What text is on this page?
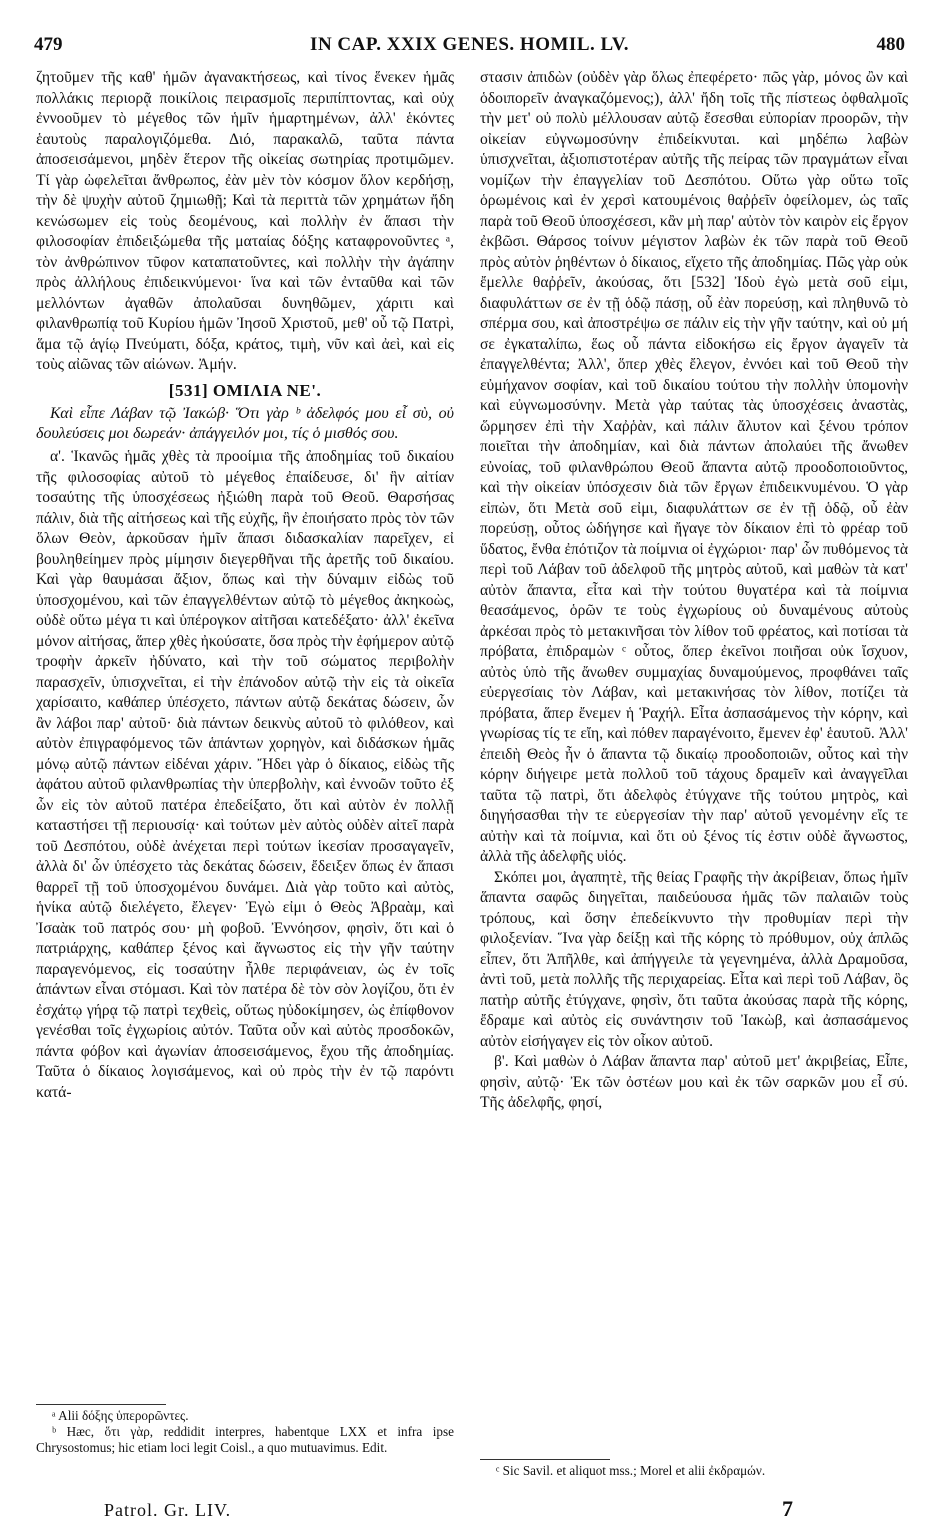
479	IN CAP. XXIX GENES. HOMIL. LV.	480

ζητοῦμεν τῆς καθ' ἡμῶν ἀγανακτήσεως, καὶ τίνος ἕνεκεν ἡμᾶς πολλάκις περιορᾷ ποικίλοις πειρασμοῖς περιπίπτοντας, καὶ οὐχ ἐννοοῦμεν τὸ μέγεθος τῶν ἡμῖν ἡμαρτημένων, ἀλλ' ἑκόντες ἑαυτοὺς παραλογιζόμεθα. Διό, παρακαλῶ, ταῦτα πάντα ἀποσεισάμενοι, μηδὲν ἕτερον τῆς οἰκείας σωτηρίας προτιμῶμεν. Τί γὰρ ὠφελεῖται ἄνθρωπος, ἐὰν μὲν τὸν κόσμον ὅλον κερδήσῃ, τὴν δὲ ψυχὴν αὐτοῦ ζημιωθῇ; Καὶ τὰ περιττὰ τῶν χρημάτων ἤδη κενώσωμεν εἰς τοὺς δεομένους, καὶ πολλὴν ἐν ἅπασι τὴν φιλοσοφίαν ἐπιδειξώμεθα τῆς ματαίας δόξης καταφρονοῦντες ᵃ, τὸν ἀνθρώπινον τῦφον καταπατοῦντες, καὶ πολλὴν τὴν ἀγάπην πρὸς ἀλλήλους ἐπιδεικνύμενοι· ἵνα καὶ τῶν ἐνταῦθα καὶ τῶν μελλόντων ἀγαθῶν ἀπολαῦσαι δυνηθῶμεν, χάριτι καὶ φιλανθρωπίᾳ τοῦ Κυρίου ἡμῶν Ἰησοῦ Χριστοῦ, μεθ' οὗ τῷ Πατρὶ, ἅμα τῷ ἁγίῳ Πνεύματι, δόξα, κράτος, τιμὴ, νῦν καὶ ἀεὶ, καὶ εἰς τοὺς αἰῶνας τῶν αἰώνων. Ἀμήν.

[531] ΟΜΙΛΙΑ ΝΕ'.

Καὶ εἶπε Λάβαν τῷ Ἰακώβ· Ὅτι γὰρ ᵇ ἀδελφός μου εἶ σὺ, οὐ δουλεύσεις μοι δωρεάν· ἀπάγγειλόν μοι, τίς ὁ μισθός σου.

α'. Ἱκανῶς ἡμᾶς χθὲς τὰ προοίμια τῆς ἀποδημίας τοῦ δικαίου τῆς φιλοσοφίας αὐτοῦ τὸ μέγεθος ἐπαίδευσε, δι' ἣν αἰτίαν τοσαύτης τῆς ὑποσχέσεως ἠξιώθη παρὰ τοῦ Θεοῦ. Θαρσήσας πάλιν, διὰ τῆς αἰτήσεως καὶ τῆς εὐχῆς, ἣν ἐποιήσατο πρὸς τὸν τῶν ὅλων Θεὸν, ἀρκοῦσαν ἡμῖν ἅπασι διδασκαλίαν παρεῖχεν, εἰ βουληθείημεν πρὸς μίμησιν διεγερθῆναι τῆς ἀρετῆς τοῦ δικαίου. Καὶ γὰρ θαυμάσαι ἄξιον, ὅπως καὶ τὴν δύναμιν εἰδὼς τοῦ ὑποσχομένου, καὶ τῶν ἐπαγγελθέντων αὐτῷ τὸ μέγεθος ἀκηκοὼς, οὐδὲ οὕτω μέγα τι καὶ ὑπέρογκον αἰτῆσαι κατεδέξατο· ἀλλ' ἐκεῖνα μόνον αἰτήσας, ἅπερ χθὲς ἠκούσατε, ὅσα πρὸς τὴν ἐφήμερον αὐτῷ τροφὴν ἀρκεῖν ἠδύνατο, καὶ τὴν τοῦ σώματος περιβολὴν παρασχεῖν, ὑπισχνεῖται, εἰ τὴν ἐπάνοδον αὐτῷ τὴν εἰς τὰ οἰκεῖα χαρίσαιτο, καθάπερ ὑπέσχετο, πάντων αὐτῷ δεκάτας δώσειν, ὧν ἂν λάβοι παρ' αὐτοῦ· διὰ πάντων δεικνὺς αὐτοῦ τὸ φιλόθεον, καὶ αὐτὸν ἐπιγραφόμενος τῶν ἁπάντων χορηγὸν, καὶ διδάσκων ἡμᾶς μόνῳ αὐτῷ πάντων εἰδέναι χάριν. Ἤδει γὰρ ὁ δίκαιος, εἰδὼς τῆς ἀφάτου αὐτοῦ φιλανθρωπίας τὴν ὑπερβολὴν, καὶ ἐννοῶν τοῦτο ἐξ ὧν εἰς τὸν αὐτοῦ πατέρα ἐπεδείξατο, ὅτι καὶ αὐτὸν ἐν πολλῇ καταστήσει τῇ περιουσίᾳ· καὶ τούτων μὲν αὐτὸς οὐδὲν αἰτεῖ παρὰ τοῦ Δεσπότου, οὐδὲ ἀνέχεται περὶ τούτων ἱκεσίαν προσαγαγεῖν, ἀλλὰ δι' ὧν ὑπέσχετο τὰς δεκάτας δώσειν, ἔδειξεν ὅπως ἐν ἅπασι θαρρεῖ τῇ τοῦ ὑποσχομένου δυνάμει. Διὰ γὰρ τοῦτο καὶ αὐτὸς, ἡνίκα αὐτῷ διελέγετο, ἔλεγεν· Ἐγὼ εἰμι ὁ Θεὸς Ἀβραὰμ, καὶ Ἰσαὰκ τοῦ πατρός σου· μὴ φοβοῦ. Ἐννόησον, φησὶν, ὅτι καὶ ὁ πατριάρχης, καθάπερ ξένος καὶ ἄγνωστος εἰς τὴν γῆν ταύτην παραγενόμενος, εἰς τοσαύτην ἦλθε περιφάνειαν, ὡς ἐν τοῖς ἁπάντων εἶναι στόμασι. Καὶ τὸν πατέρα δὲ τὸν σὸν λογίζου, ὅτι ἐν ἐσχάτῳ γήρᾳ τῷ πατρὶ τεχθεὶς, οὕτως ηὐδοκίμησεν, ὡς ἐπίφθονον γενέσθαι τοῖς ἐγχωρίοις αὐτόν. Ταῦτα οὖν καὶ αὐτὸς προσδοκῶν, πάντα φόβον καὶ ἀγωνίαν ἀποσεισάμενος, ἔχου τῆς ἀποδημίας. Ταῦτα ὁ δίκαιος λογισάμενος, καὶ οὐ πρὸς τὴν ἐν τῷ παρόντι κατά-

στασιν ἀπιδὼν (οὐδὲν γὰρ ὅλως ἐπεφέρετο· πῶς γὰρ, μόνος ὢν καὶ ὁδοιπορεῖν ἀναγκαζόμενος;), ἀλλ' ἤδη τοῖς τῆς πίστεως ὀφθαλμοῖς τὴν μετ' οὐ πολὺ μέλλουσαν αὐτῷ ἔσεσθαι εὐπορίαν προορῶν, τὴν οἰκείαν εὐγνωμοσύνην ἐπιδείκνυται. καὶ μηδέπω λαβὼν ὑπισχνεῖται, ἀξιοπιστοτέραν αὐτῆς τῆς πείρας τῶν πραγμάτων εἶναι νομίζων τὴν ἐπαγγελίαν τοῦ Δεσπότου. Οὕτω γὰρ οὕτω τοῖς ὁρωμένοις καὶ ἐν χερσὶ κατουμένοις θαῤῥεῖν ὀφείλομεν, ὡς ταῖς παρὰ τοῦ Θεοῦ ὑποσχέσεσι, κἂν μὴ παρ' αὐτὸν τὸν καιρὸν εἰς ἔργον ἐκβῶσι. Θάρσος τοίνυν μέγιστον λαβὼν ἐκ τῶν παρὰ τοῦ Θεοῦ πρὸς αὐτὸν ῥηθέντων ὁ δίκαιος, εἴχετο τῆς ἀποδημίας. Πῶς γὰρ οὐκ ἔμελλε θαῤῥεῖν, ἀκούσας, ὅτι [532] Ἰδοὺ ἐγὼ μετὰ σοῦ εἰμι, διαφυλάττων σε ἐν τῇ ὁδῷ πάσῃ, οὗ ἐὰν πορεύσῃ, καὶ πληθυνῶ τὸ σπέρμα σου, καὶ ἀποστρέψω σε πάλιν εἰς τὴν γῆν ταύτην, καὶ οὐ μή σε ἐγκαταλίπω, ἕως οὗ πάντα εἰδοκήσω εἰς ἔργον ἀγαγεῖν τὰ ἐπαγγελθέντα; Ἀλλ', ὅπερ χθὲς ἔλεγον, ἐννόει καὶ τοῦ Θεοῦ τὴν εὐμήχανον σοφίαν, καὶ τοῦ δικαίου τούτου τὴν πολλὴν ὑπομονὴν καὶ εὐγνωμοσύνην. Μετὰ γὰρ ταύτας τὰς ὑποσχέσεις ἀναστὰς, ὥρμησεν ἐπὶ τὴν Χαῤῥὰν, καὶ πάλιν ἄλυτον καὶ ξένου τρόπον ποιεῖται τὴν ἀποδημίαν, καὶ διὰ πάντων ἀπολαύει τῆς ἄνωθεν εὐνοίας, τοῦ φιλανθρώπου Θεοῦ ἅπαντα αὐτῷ προοδοποιοῦντος, καὶ τὴν οἰκείαν ὑπόσχεσιν διὰ τῶν ἔργων ἐπιδεικνυμένου. Ὁ γὰρ εἰπὼν, ὅτι Μετὰ σοῦ εἰμι, διαφυλάττων σε ἐν τῇ ὁδῷ, οὗ ἐὰν πορεύσῃ, οὗτος ὡδήγησε καὶ ἤγαγε τὸν δίκαιον ἐπὶ τὸ φρέαρ τοῦ ὕδατος, ἔνθα ἐπότιζον τὰ ποίμνια οἱ ἐγχώριοι· παρ' ὧν πυθόμενος τὰ περὶ τοῦ Λάβαν τοῦ ἀδελφοῦ τῆς μητρὸς αὐτοῦ, καὶ μαθὼν τὰ κατ' αὐτὸν ἅπαντα, εἶτα καὶ τὴν τούτου θυγατέρα καὶ τὰ ποίμνια θεασάμενος, ὁρῶν τε τοὺς ἐγχωρίους οὐ δυναμένους αὐτοὺς ἀρκέσαι πρὸς τὸ μετακινῆσαι τὸν λίθον τοῦ φρέατος, καὶ ποτίσαι τὰ πρόβατα, ἐπιδραμὼν ᶜ οὗτος, ὅπερ ἐκεῖνοι ποιῆσαι οὐκ ἴσχυον, αὐτὸς ὑπὸ τῆς ἄνωθεν συμμαχίας δυναμούμενος, προφθάνει ταῖς εὐεργεσίαις τὸν Λάβαν, καὶ μετακινήσας τὸν λίθον, ποτίζει τὰ πρόβατα, ἅπερ ἔνεμεν ἡ Ῥαχήλ. Εἶτα ἀσπασάμενος τὴν κόρην, καὶ γνωρίσας τίς τε εἴη, καὶ πόθεν παραγένοιτο, ἔμενεν ἐφ' ἑαυτοῦ. Ἀλλ' ἐπειδὴ Θεὸς ἦν ὁ ἅπαντα τῷ δικαίῳ προοδοποιῶν, οὗτος καὶ τὴν κόρην διήγειρε μετὰ πολλοῦ τοῦ τάχους δραμεῖν καὶ ἀναγγεῖλαι ταῦτα τῷ πατρὶ, ὅτι ἀδελφὸς ἐτύγχανε τῆς τούτου μητρὸς, καὶ διηγήσασθαι τὴν τε εὐεργεσίαν τὴν παρ' αὐτοῦ γενομένην εἴς τε αὐτὴν καὶ τὰ ποίμνια, καὶ ὅτι οὐ ξένος τίς ἐστιν οὐδὲ ἄγνωστος, ἀλλὰ τῆς ἀδελφῆς υἱός.

Σκόπει μοι, ἀγαπητὲ, τῆς θείας Γραφῆς τὴν ἀκρίβειαν, ὅπως ἡμῖν ἅπαντα σαφῶς διηγεῖται, παιδεύουσα ἡμᾶς τῶν παλαιῶν τοὺς τρόπους, καὶ ὅσην ἐπεδείκνυντο τὴν προθυμίαν περὶ τὴν φιλοξενίαν. Ἵνα γὰρ δείξῃ καὶ τῆς κόρης τὸ πρόθυμον, οὐχ ἁπλῶς εἶπεν, ὅτι Ἀπῆλθε, καὶ ἀπήγγειλε τὰ γεγενημένα, ἀλλὰ Δραμοῦσα, ἀντὶ τοῦ, μετὰ πολλῆς τῆς περιχαρείας. Εἶτα καὶ περὶ τοῦ Λάβαν, ὃς πατὴρ αὐτῆς ἐτύγχανε, φησὶν, ὅτι ταῦτα ἀκούσας παρὰ τῆς κόρης, ἔδραμε καὶ αὐτὸς εἰς συνάντησιν τοῦ Ἰακὼβ, καὶ ἀσπασάμενος αὐτὸν εἰσήγαγεν εἰς τὸν οἶκον αὐτοῦ.

β'. Καὶ μαθὼν ὁ Λάβαν ἅπαντα παρ' αὐτοῦ μετ' ἀκριβείας, Εἶπε, φησὶν, αὐτῷ· Ἐκ τῶν ὀστέων μου καὶ ἐκ τῶν σαρκῶν μου εἶ σύ. Τῆς ἀδελφῆς, φησί,

ᵃ Alii δόξης ὑπερορῶντες.

ᵇ Hæc, ὅτι γὰρ, reddidit interpres, habentque LXX et infra ipse Chrysostomus; hic etiam loci legit Coisl., a quo mutuavimus. Edit.

ᶜ Sic Savil. et aliquot mss.; Morel et alii ἐκδραμών.

Patrol. Gr. LIV.	7
